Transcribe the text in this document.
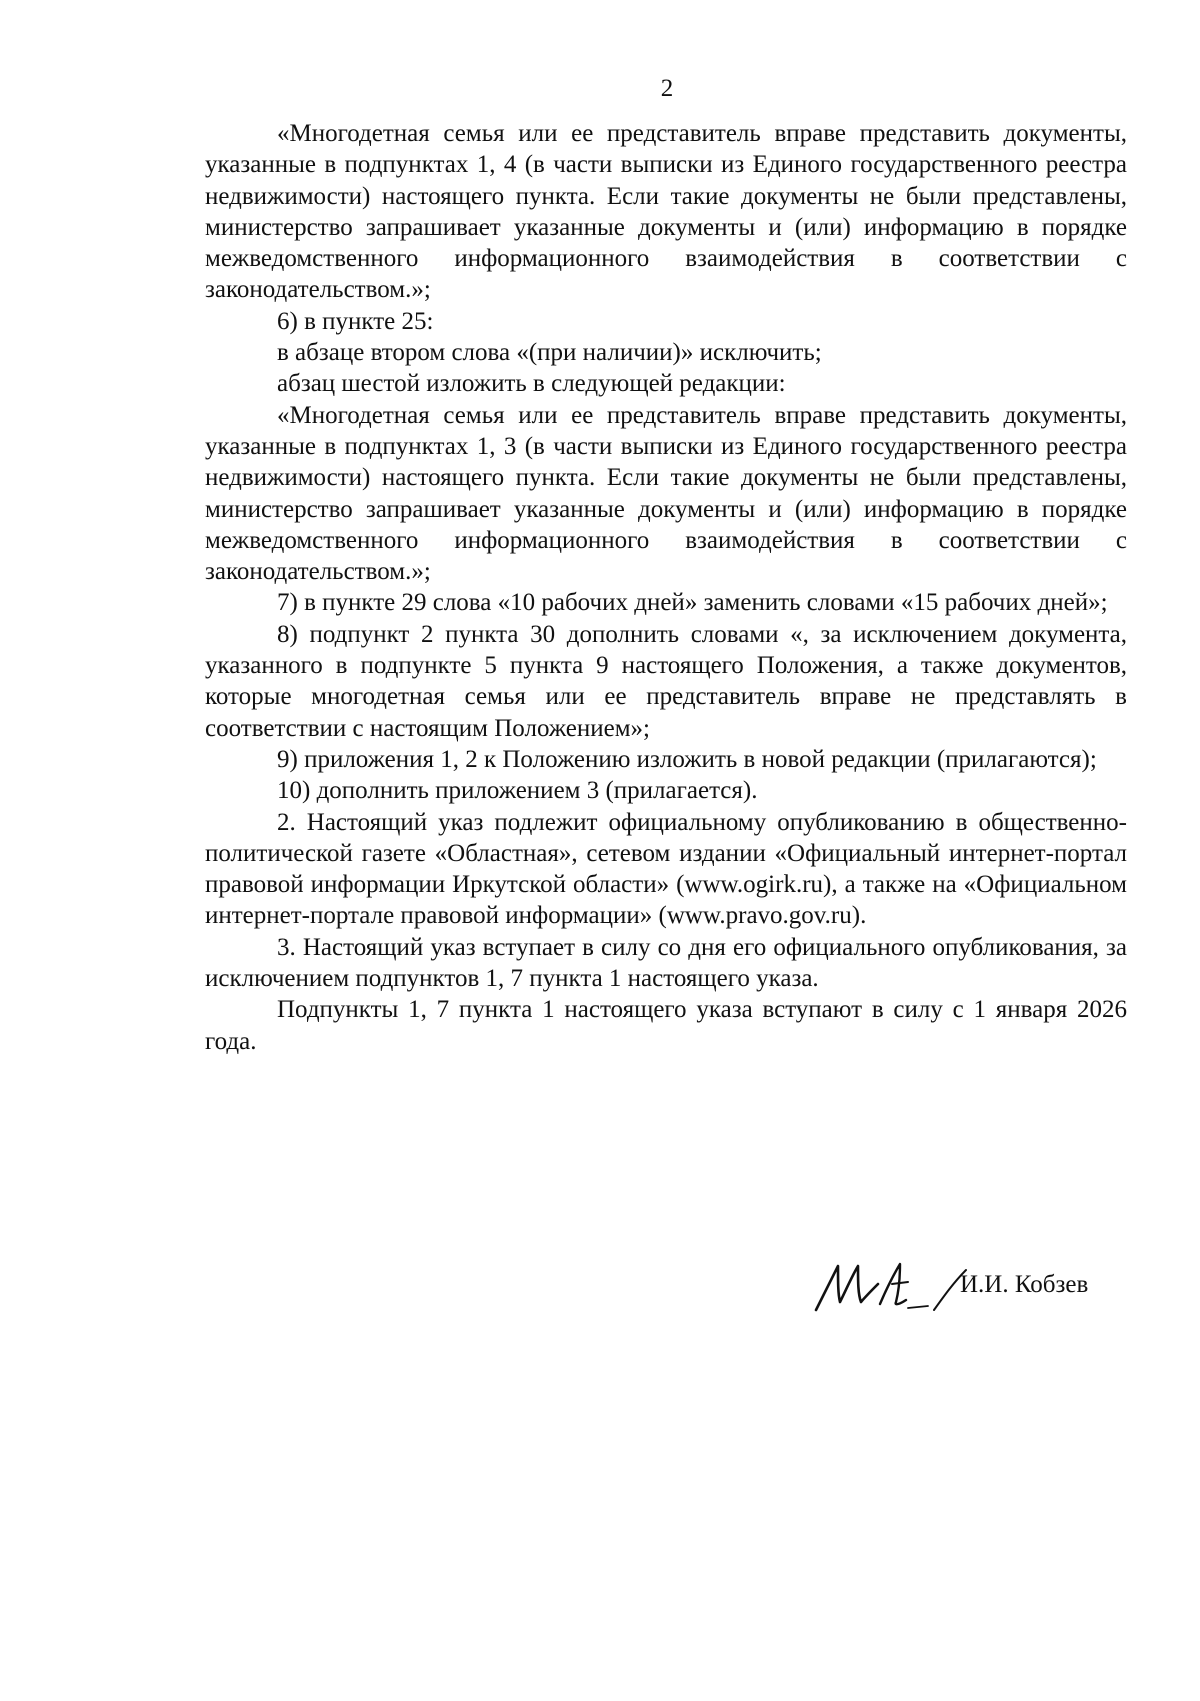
2

«Многодетная семья или ее представитель вправе представить документы, указанные в подпунктах 1, 4 (в части выписки из Единого государственного реестра недвижимости) настоящего пункта. Если такие документы не были представлены, министерство запрашивает указанные документы и (или) информацию в порядке межведомственного информационного взаимодействия в соответствии с законодательством.»;

6) в пункте 25:

в абзаце втором слова «(при наличии)» исключить;

абзац шестой изложить в следующей редакции:

«Многодетная семья или ее представитель вправе представить документы, указанные в подпунктах 1, 3 (в части выписки из Единого государственного реестра недвижимости) настоящего пункта. Если такие документы не были представлены, министерство запрашивает указанные документы и (или) информацию в порядке межведомственного информационного взаимодействия в соответствии с законодательством.»;

7) в пункте 29 слова «10 рабочих дней» заменить словами «15 рабочих дней»;

8) подпункт 2 пункта 30 дополнить словами «, за исключением документа, указанного в подпункте 5 пункта 9 настоящего Положения, а также документов, которые многодетная семья или ее представитель вправе не представлять в соответствии с настоящим Положением»;

9) приложения 1, 2 к Положению изложить в новой редакции (прилагаются);

10) дополнить приложением 3 (прилагается).

2. Настоящий указ подлежит официальному опубликованию в общественно-политической газете «Областная», сетевом издании «Официальный интернет-портал правовой информации Иркутской области» (www.ogirk.ru), а также на «Официальном интернет-портале правовой информации» (www.pravo.gov.ru).

3. Настоящий указ вступает в силу со дня его официального опубликования, за исключением подпунктов 1, 7 пункта 1 настоящего указа.

Подпункты 1, 7 пункта 1 настоящего указа вступают в силу с 1 января 2026 года.

И.И. Кобзев
